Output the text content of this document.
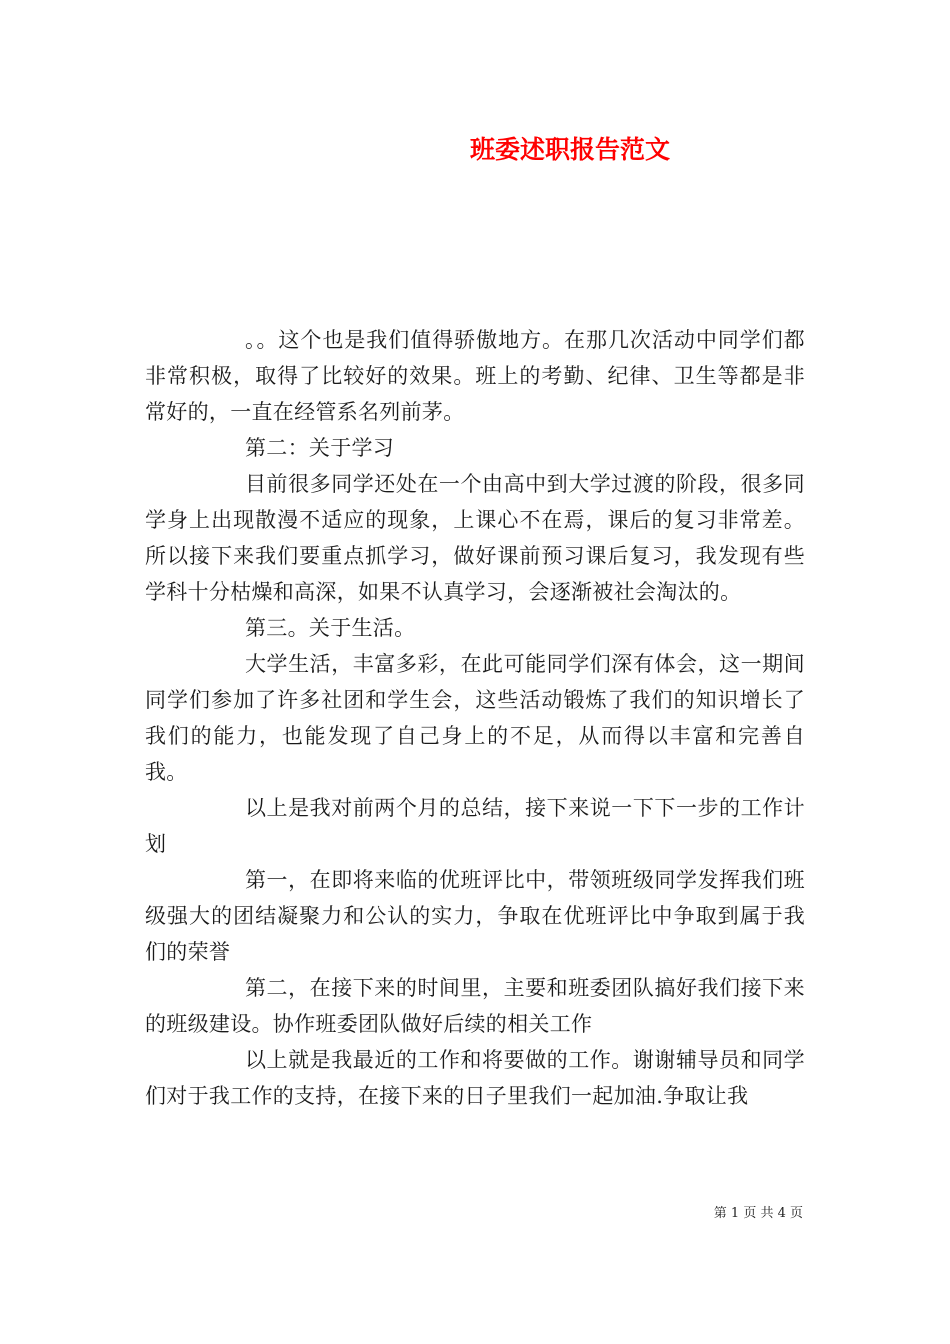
班委述职报告范文

。。这个也是我们值得骄傲地方。在那几次活动中同学们都非常积极，取得了比较好的效果。班上的考勤、纪律、卫生等都是非常好的，一直在经管系名列前茅。

第二：关于学习

目前很多同学还处在一个由高中到大学过渡的阶段，很多同学身上出现散漫不适应的现象，上课心不在焉，课后的复习非常差。所以接下来我们要重点抓学习，做好课前预习课后复习，我发现有些学科十分枯燥和高深，如果不认真学习，会逐渐被社会淘汰的。

第三。关于生活。

大学生活，丰富多彩，在此可能同学们深有体会，这一期间同学们参加了许多社团和学生会，这些活动锻炼了我们的知识增长了我们的能力，也能发现了自己身上的不足，从而得以丰富和完善自我。

以上是我对前两个月的总结，接下来说一下下一步的工作计划

第一，在即将来临的优班评比中，带领班级同学发挥我们班级强大的团结凝聚力和公认的实力，争取在优班评比中争取到属于我们的荣誉

第二，在接下来的时间里，主要和班委团队搞好我们接下来的班级建设。协作班委团队做好后续的相关工作

以上就是我最近的工作和将要做的工作。谢谢辅导员和同学们对于我工作的支持，在接下来的日子里我们一起加油.争取让我

第 1 页 共 4 页
